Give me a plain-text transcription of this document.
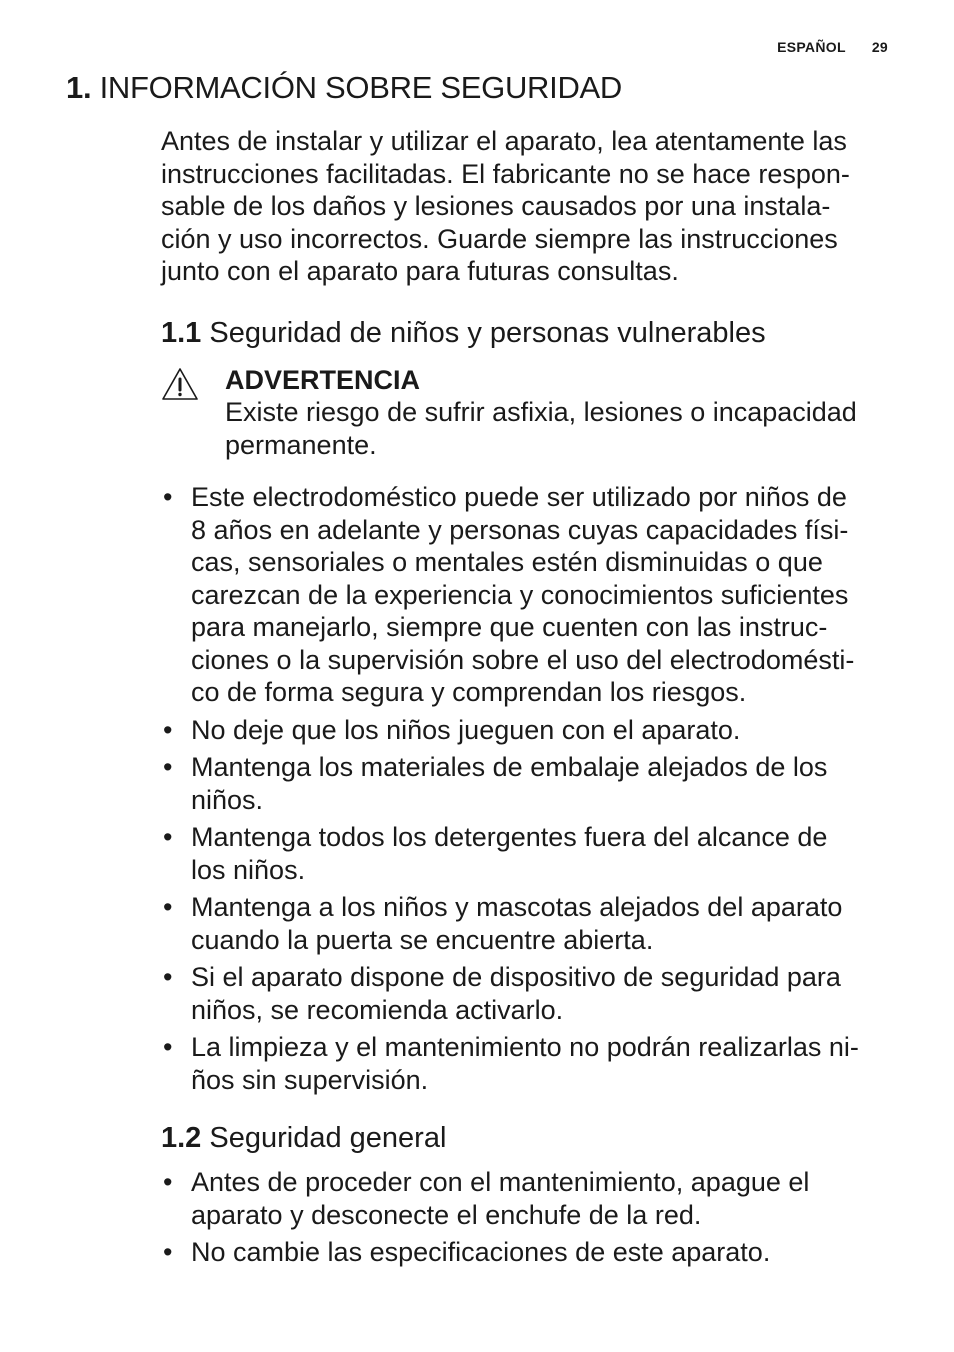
ESPAÑOL 29
1. INFORMACIÓN SOBRE SEGURIDAD

Antes de instalar y utilizar el aparato, lea atentamente las
instrucciones facilitadas. El fabricante no se hace respon-
sable de los daños y lesiones causados por una instala-
ción y uso incorrectos. Guarde siempre las instrucciones
junto con el aparato para futuras consultas.

1.1 Seguridad de niños y personas vulnerables
ADVERTENCIA
Existe riesgo de sufrir asfixia, lesiones o incapacidad
permanente.
• Este electrodoméstico puede ser utilizado por niños de
8 años en adelante y personas cuyas capacidades físi-
cas, sensoriales o mentales estén disminuidas o que
carezcan de la experiencia y conocimientos suficientes
para manejarlo, siempre que cuenten con las instruc-
ciones o la supervisión sobre el uso del electrodomésti-
co de forma segura y comprendan los riesgos.
• No deje que los niños jueguen con el aparato.
• Mantenga los materiales de embalaje alejados de los
niños.
• Mantenga todos los detergentes fuera del alcance de
los niños.
• Mantenga a los niños y mascotas alejados del aparato
cuando la puerta se encuentre abierta.
• Si el aparato dispone de dispositivo de seguridad para
niños, se recomienda activarlo.
• La limpieza y el mantenimiento no podrán realizarlas ni-
ños sin supervisión.
1.2 Seguridad general
• Antes de proceder con el mantenimiento, apague el
aparato y desconecte el enchufe de la red.
• No cambie las especificaciones de este aparato.
